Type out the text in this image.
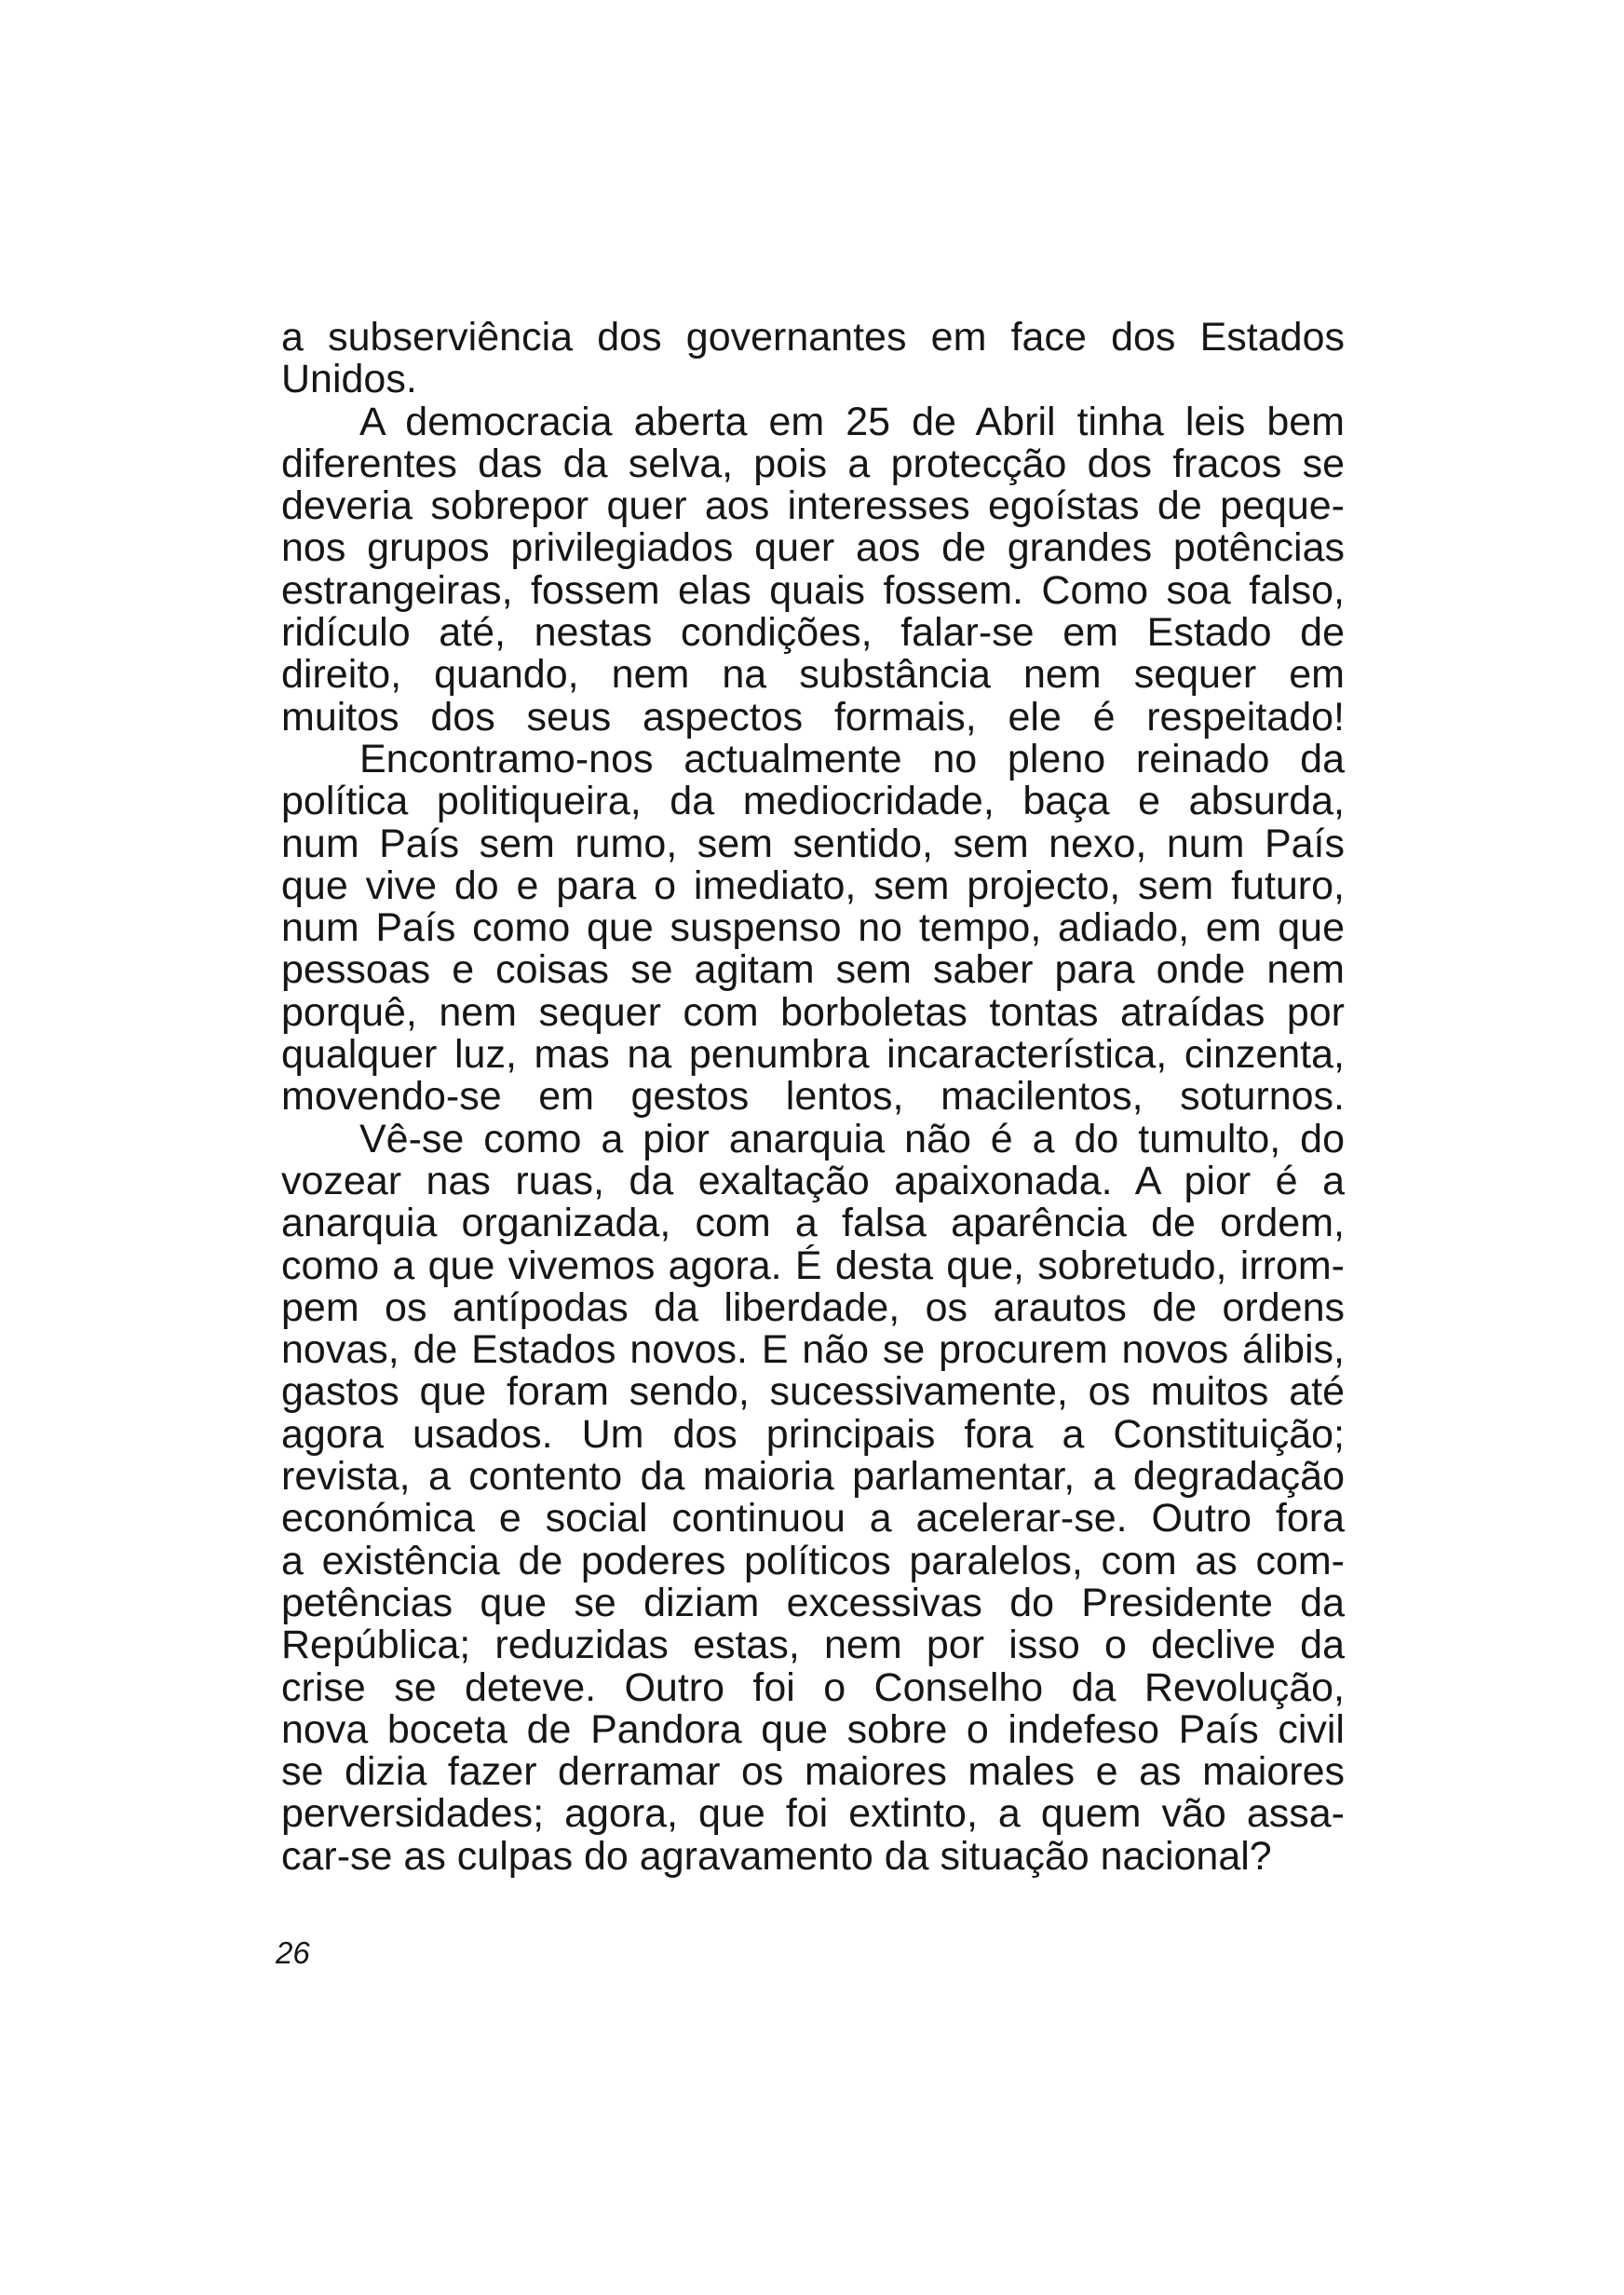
a subserviência dos governantes em face dos Estados
Unidos.
A democracia aberta em 25 de Abril tinha leis bem
diferentes das da selva, pois a protecção dos fracos se
deveria sobrepor quer aos interesses egoístas de peque-
nos grupos privilegiados quer aos de grandes potências
estrangeiras, fossem elas quais fossem. Como soa falso,
ridículo até, nestas condições, falar-se em Estado de
direito, quando, nem na substância nem sequer em
muitos dos seus aspectos formais, ele é respeitado!
Encontramo-nos actualmente no pleno reinado da
política politiqueira, da mediocridade, baça e absurda,
num País sem rumo, sem sentido, sem nexo, num País
que vive do e para o imediato, sem projecto, sem futuro,
num País como que suspenso no tempo, adiado, em que
pessoas e coisas se agitam sem saber para onde nem
porquê, nem sequer com borboletas tontas atraídas por
qualquer luz, mas na penumbra incaracterística, cinzenta,
movendo-se em gestos lentos, macilentos, soturnos.
Vê-se como a pior anarquia não é a do tumulto, do
vozear nas ruas, da exaltação apaixonada. A pior é a
anarquia organizada, com a falsa aparência de ordem,
como a que vivemos agora. É desta que, sobretudo, irrom-
pem os antípodas da liberdade, os arautos de ordens
novas, de Estados novos. E não se procurem novos álibis,
gastos que foram sendo, sucessivamente, os muitos até
agora usados. Um dos principais fora a Constituição;
revista, a contento da maioria parlamentar, a degradação
económica e social continuou a acelerar-se. Outro fora
a existência de poderes políticos paralelos, com as com-
petências que se diziam excessivas do Presidente da
República; reduzidas estas, nem por isso o declive da
crise se deteve. Outro foi o Conselho da Revolução,
nova boceta de Pandora que sobre o indefeso País civil
se dizia fazer derramar os maiores males e as maiores
perversidades; agora, que foi extinto, a quem vão assa-
car-se as culpas do agravamento da situação nacional?
26
